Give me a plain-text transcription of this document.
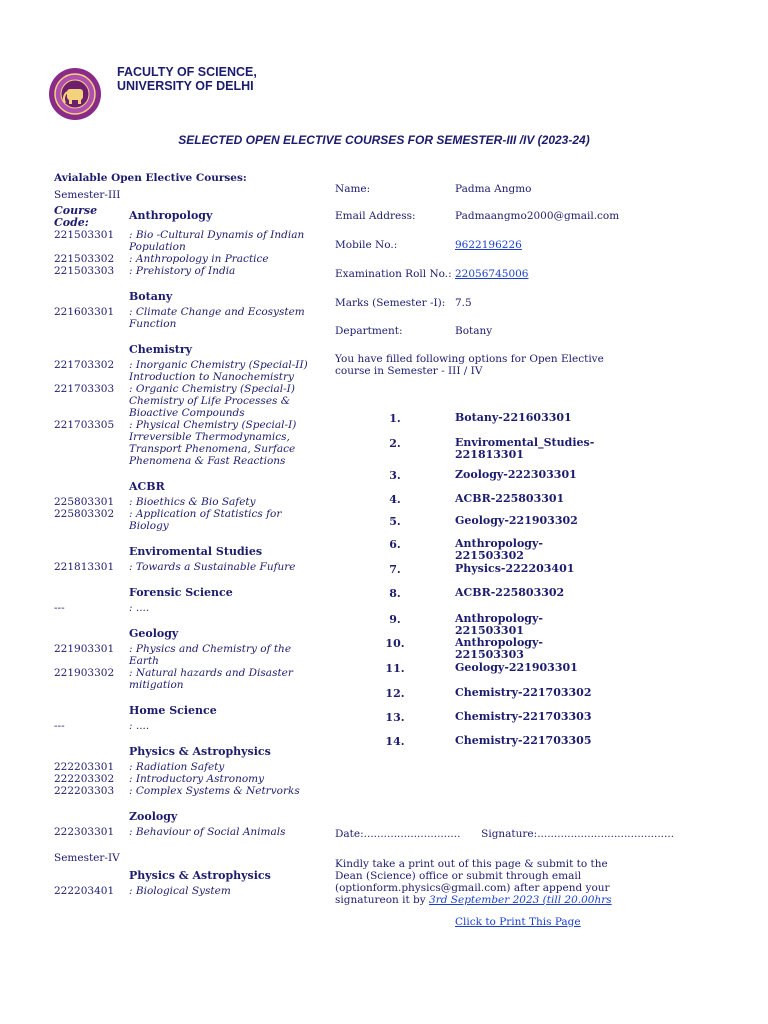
FACULTY OF SCIENCE,
UNIVERSITY OF DELHI
SELECTED OPEN ELECTIVE COURSES FOR SEMESTER-III /IV (2023-24)
Avialable Open Elective Courses:
Semester-III
Course Code:
Anthropology
221503301	: Bio -Cultural Dynamis of Indian Population
221503302	: Anthropology in Practice
221503303	: Prehistory of India
Botany
221603301	: Climate Change and Ecosystem Function
Chemistry
221703302	: Inorganic Chemistry (Special-II) Introduction to Nanochemistry
221703303	: Organic Chemistry (Special-I) Chemistry of Life Processes & Bioactive Compounds
221703305	: Physical Chemistry (Special-I) Irreversible Thermodynamics, Transport Phenomena, Surface Phenomena & Fast Reactions
ACBR
225803301	: Bioethics & Bio Safety
225803302	: Application of Statistics for Biology
Enviromental Studies
221813301	: Towards a Sustainable Fufure
Forensic Science
---	: ....
Geology
221903301	: Physics and Chemistry of the Earth
221903302	: Natural hazards and Disaster mitigation
Home Science
---	: ....
Physics & Astrophysics
222203301	: Radiation Safety
222203302	: Introductory Astronomy
222203303	: Complex Systems & Netrvorks
Zoology
222303301	: Behaviour of Social Animals
Semester-IV
Physics & Astrophysics
222203401	: Biological System
Name:	Padma Angmo
Email Address:	Padmaangmo2000@gmail.com
Mobile No.:	9622196226
Examination Roll No.: 22056745006
Marks (Semester -I): 7.5
Department:	Botany
You have filled following options for Open Elective course in Semester - III / IV
1.	Botany-221603301
2.	Enviromental_Studies-221813301
3.	Zoology-222303301
4.	ACBR-225803301
5.	Geology-221903302
6.	Anthropology-221503302
7.	Physics-222203401
8.	ACBR-225803302
9.	Anthropology-221503301
10.	Anthropology-221503303
11.	Geology-221903301
12.	Chemistry-221703302
13.	Chemistry-221703303
14.	Chemistry-221703305
Date:............................. Signature:.........................................
Kindly take a print out of this page & submit to the Dean (Science) office or submit through email (optionform.physics@gmail.com) after append your signatureon it by 3rd September 2023 (till 20.00hrs
Click to Print This Page
